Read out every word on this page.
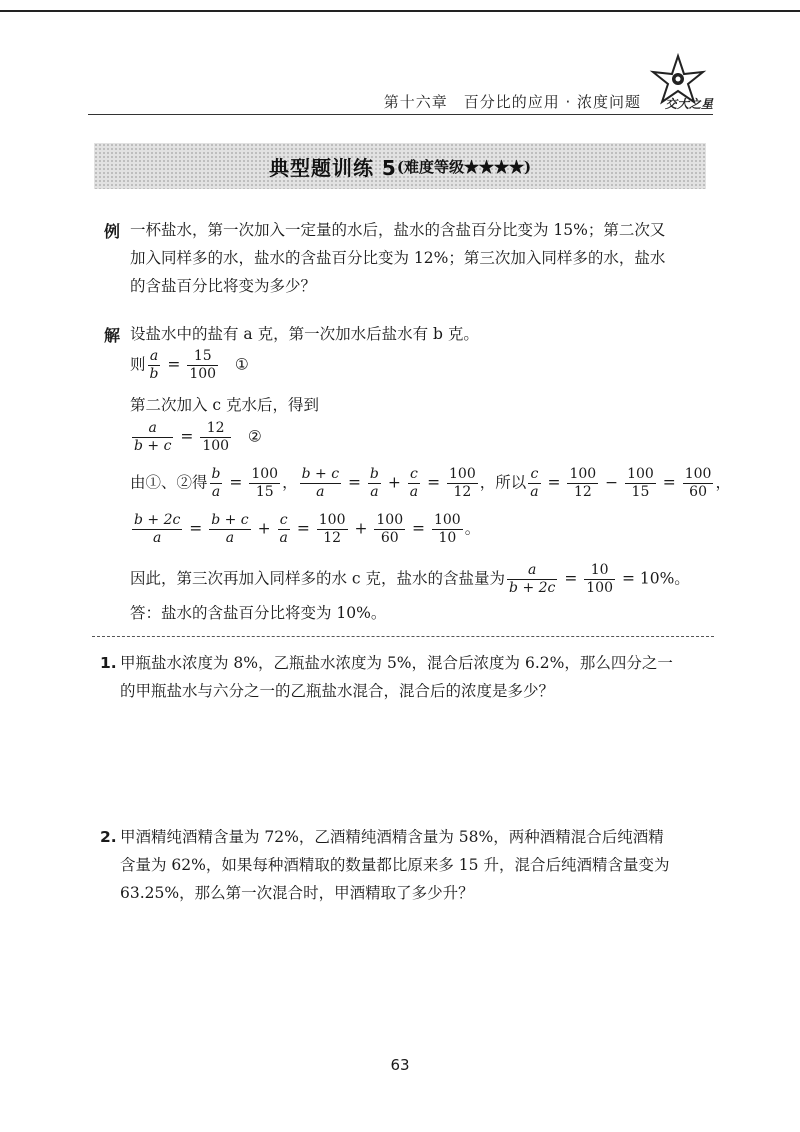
第十六章　百分比的应用 · 浓度问题 交大之星
典型题训练 5 (难度等级★★★★)
例 一杯盐水，第一次加入一定量的水后，盐水的含盐百分比变为 15%；第二次又
加入同样多的水，盐水的含盐百分比变为 12%；第三次加入同样多的水，盐水
的含盐百分比将变为多少？
解 设盐水中的盐有 a 克，第一次加水后盐水有 b 克。
则 $\frac{a}{b} = \frac{15}{100}$ ①
第二次加入 c 克水后，得到
$\frac{a}{b + c} = \frac{12}{100}$ ②
由①、②得 $\frac{b}{a} = \frac{100}{15}$ ， $\frac{b + c}{a} = \frac{b}{a} + \frac{c}{a} = \frac{100}{12}$ ，所以 $\frac{c}{a} = \frac{100}{12} - \frac{100}{15} = \frac{100}{60}$ ，
$\frac{b + 2c}{a} = \frac{b + c}{a} + \frac{c}{a} = \frac{100}{12} + \frac{100}{60} = \frac{100}{10}$ 。
因此，第三次再加入同样多的水 c 克，盐水的含盐量为 $\frac{a}{b + 2c} = \frac{10}{100} = 10\%$。
答：盐水的含盐百分比将变为 10%。
1. 甲瓶盐水浓度为 8%，乙瓶盐水浓度为 5%，混合后浓度为 6.2%，那么四分之一
的甲瓶盐水与六分之一的乙瓶盐水混合，混合后的浓度是多少？
2. 甲酒精纯酒精含量为 72%，乙酒精纯酒精含量为 58%，两种酒精混合后纯酒精
含量为 62%，如果每种酒精取的数量都比原来多 15 升，混合后纯酒精含量变为
63.25%，那么第一次混合时，甲酒精取了多少升？
63
